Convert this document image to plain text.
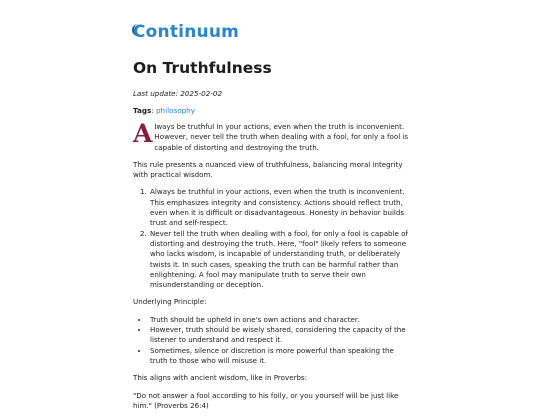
Continuum
On Truthfulness
Last update: 2025-02-02
Tags: philosophy

Always be truthful in your actions, even when the truth is inconvenient. However, never tell the truth when dealing with a fool, for only a fool is capable of distorting and destroying the truth.

This rule presents a nuanced view of truthfulness, balancing moral integrity with practical wisdom.

1. Always be truthful in your actions, even when the truth is inconvenient. This emphasizes integrity and consistency. Actions should reflect truth, even when it is difficult or disadvantageous. Honesty in behavior builds trust and self-respect.
2. Never tell the truth when dealing with a fool, for only a fool is capable of distorting and destroying the truth. Here, "fool" likely refers to someone who lacks wisdom, is incapable of understanding truth, or deliberately twists it. In such cases, speaking the truth can be harmful rather than enlightening. A fool may manipulate truth to serve their own misunderstanding or deception.

Underlying Principle:

• Truth should be upheld in one's own actions and character.
• However, truth should be wisely shared, considering the capacity of the listener to understand and respect it.
• Sometimes, silence or discretion is more powerful than speaking the truth to those who will misuse it.

This aligns with ancient wisdom, like in Proverbs:

"Do not answer a fool according to his folly, or you yourself will be just like him." (Proverbs 26:4)
